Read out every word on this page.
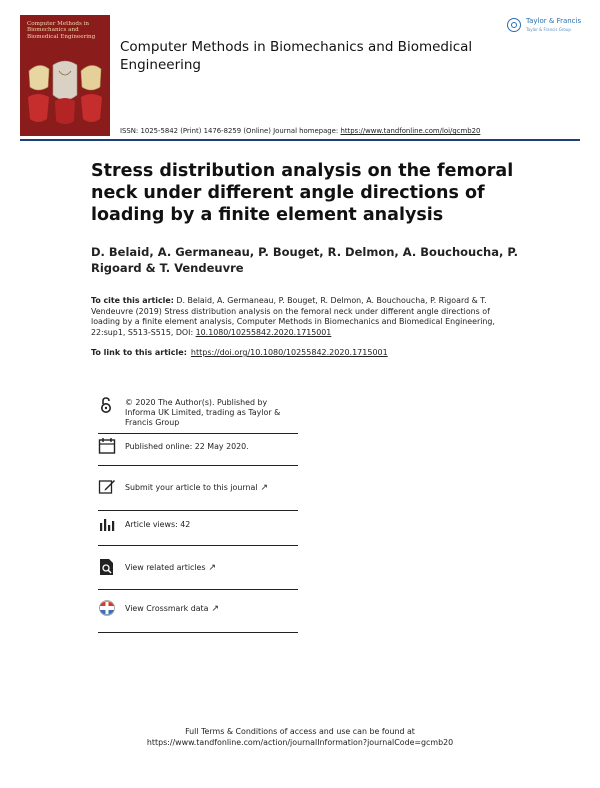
Computer Methods in Biomechanics and Biomedical Engineering
Computer Methods in Biomechanics and Biomedical Engineering
ISSN: 1025-5842 (Print) 1476-8259 (Online) Journal homepage: https://www.tandfonline.com/loi/gcmb20
Taylor & Francis
Taylor & Francis Group
Stress distribution analysis on the femoral neck under different angle directions of loading by a finite element analysis
D. Belaid, A. Germaneau, P. Bouget, R. Delmon, A. Bouchoucha, P. Rigoard & T. Vendeuvre
To cite this article: D. Belaid, A. Germaneau, P. Bouget, R. Delmon, A. Bouchoucha, P. Rigoard & T. Vendeuvre (2019) Stress distribution analysis on the femoral neck under different angle directions of loading by a finite element analysis, Computer Methods in Biomechanics and Biomedical Engineering, 22:sup1, S513-S515, DOI: 10.1080/10255842.2020.1715001
To link to this article: https://doi.org/10.1080/10255842.2020.1715001
© 2020 The Author(s). Published by Informa UK Limited, trading as Taylor & Francis Group
Published online: 22 May 2020.
Submit your article to this journal ↗
Article views: 42
View related articles ↗
View Crossmark data ↗
Full Terms & Conditions of access and use can be found at
https://www.tandfonline.com/action/journalInformation?journalCode=gcmb20
